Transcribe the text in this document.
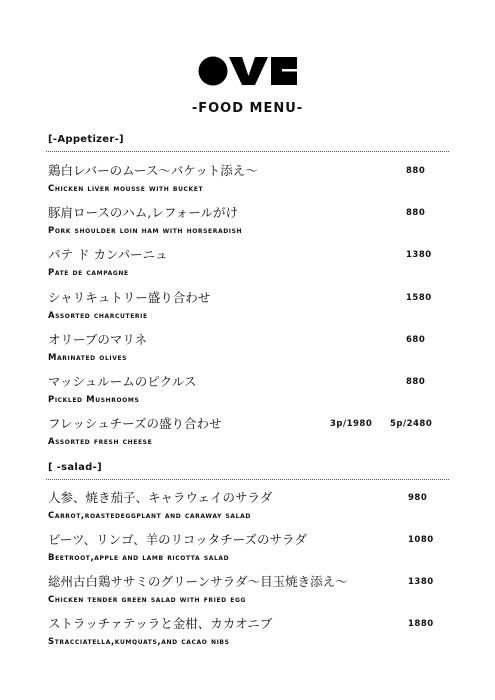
-FOOD MENU-
[-Appetizer-]
鶏白レバーのムース〜バケット添え〜
Chicken liver mousse with bucket
880
豚肩ロースのハム,レフォールがけ
Pork shoulder loin ham with horseradish
880
パテ ド カンパーニュ
Pate de campagne
1380
シャリキュトリー盛り合わせ
Assorted charcuterie
1580
オリーブのマリネ
Marinated olives
680
マッシュルームのピクルス
Pickled Mushrooms
880
フレッシュチーズの盛り合わせ
Assorted fresh cheese
3p/1980 5p/2480
[ -salad-]
人参、焼き茄子、キャラウェイのサラダ
Carrot,roastedeggplant and caraway salad
980
ビーツ、リンゴ、羊のリコッタチーズのサラダ
Beetroot,apple and lamb ricotta salad
1080
総州古白鶏ササミのグリーンサラダ〜目玉焼き添え〜
Chicken tender green salad with fried egg
1380
ストラッチァテッラと金柑、カカオニブ
Stracciatella,kumquats,and cacao nibs
1880
